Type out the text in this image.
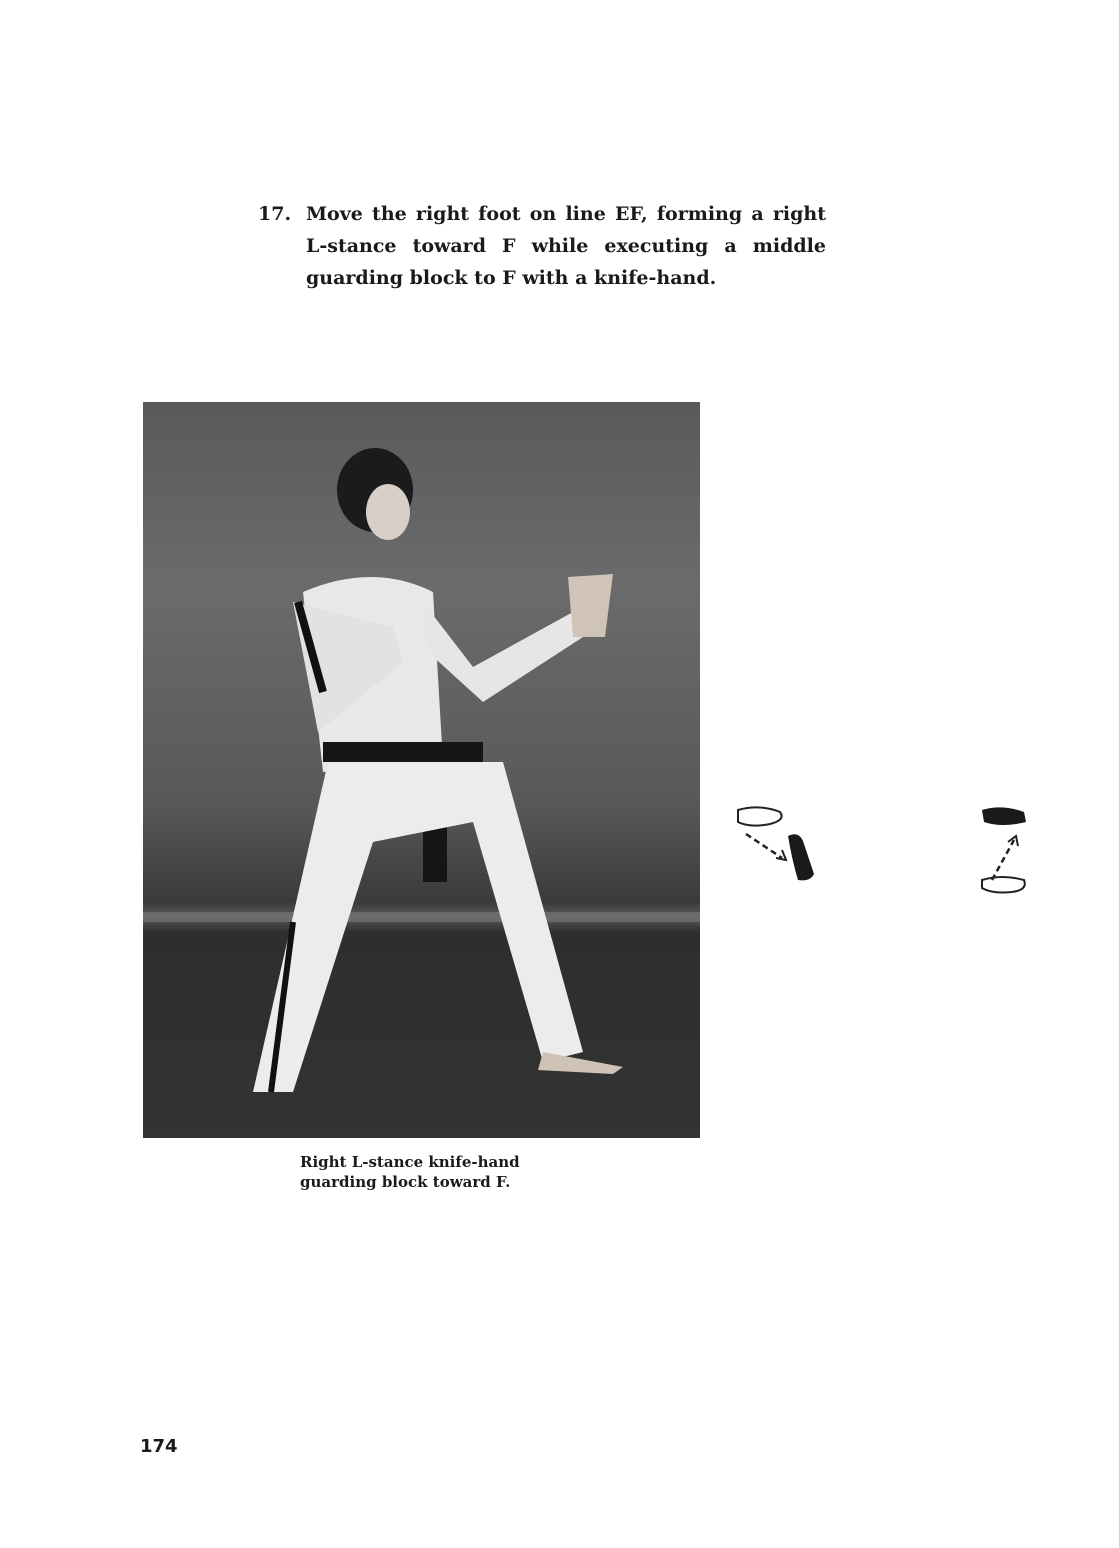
17. Move the right foot on line EF, forming a right L-stance toward F while executing a middle guarding block to F with a knife-hand.
Right L-stance knife-hand
guarding block toward F.
174
